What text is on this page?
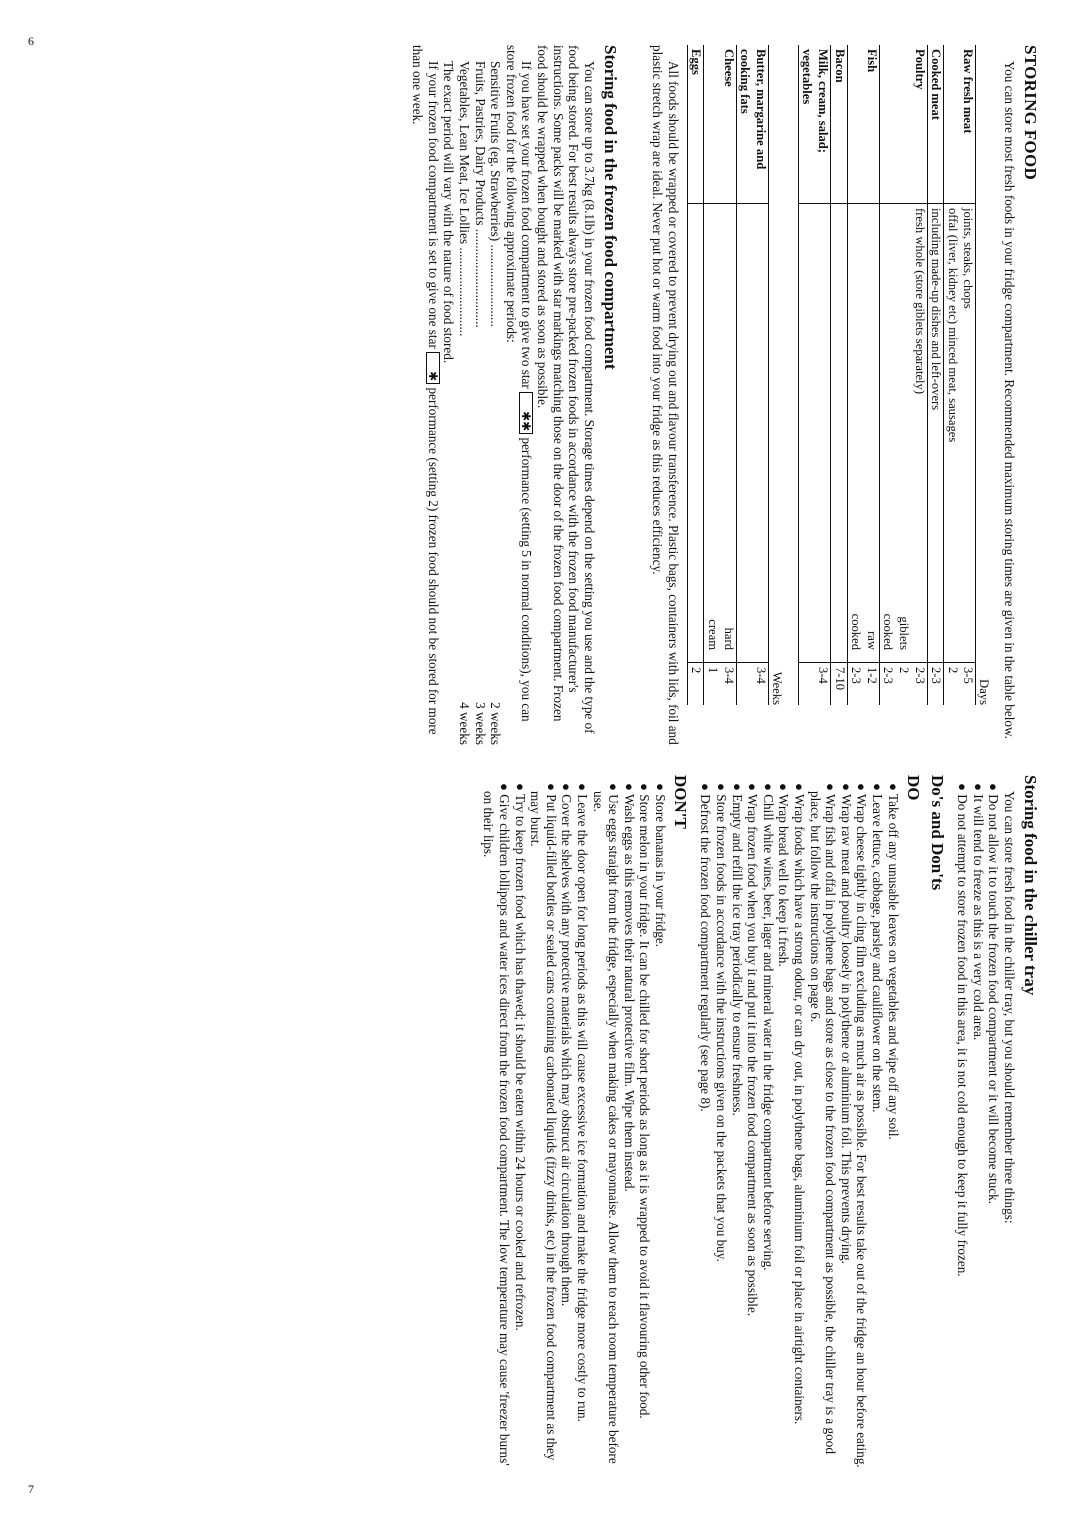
6
7
STORING FOOD

You can store most fresh foods in your fridge compartment. Recommended maximum storing times are given in the table below.

Days
Raw fresh meat	joints, steaks, chops	3-5
	offal (liver, kidney etc) minced meat, sausages	2
Cooked meat	including made-up dishes and left-overs	2-3
Poultry	fresh whole (store giblets separately)	2-3
	giblets	2
	cooked	2-3
Fish	raw	1-2
	cooked	2-3
Bacon		7-10
Milk, cream, salad; vegetables		3-4
Weeks
Butter, margarine and cooking fats		3-4
Cheese	hard	3-4
	cream	1
Eggs		2

All foods should be wrapped or covered to prevent drying out and flavour transference. Plastic bags, containers with lids, foil and plastic stretch wrap are ideal. Never put hot or warm food into your fridge as this reduces efficiency.

Storing food in the frozen food compartment

You can store up to 3.7kg (8.1lb) in your frozen food compartment. Storage times depend on the setting you use and the type of food being stored. For best results always store pre-packed frozen foods in accordance with the frozen food manufacturer's instructions. Some packs will be marked with star markings matching those on the door of the frozen food compartment. Frozen food should be wrapped when bought and stored as soon as possible.

If you have set your frozen food compartment to give two star ✱✱ performance (setting 5 in normal conditions), you can store frozen food for the following approximate periods:

Sensitive Fruits (eg. Strawberries) .........................
2 weeks
Fruits, Pastries, Dairy Products ..............................
3 weeks
Vegetables, Lean Meat, Ice Lollies ...........................
4 weeks

The exact period will vary with the nature of food stored.

If your frozen food compartment is set to give one star ✱ performance (setting 2) frozen food should not be stored for more than one week.

Storing food in the chiller tray

You can store fresh food in the chiller tray, but you should remember three things:

● Do not allow it to touch the frozen food compartment or it will become stuck.
● It will tend to freeze as this is a very cold area.
● Do not attempt to store frozen food in this area, it is not cold enough to keep it fully frozen.
Do's and Don'ts
DO
● Take off any unusable leaves on vegetables and wipe off any soil.
● Leave lettuce, cabbage, parsley and cauliflower on the stem.
● Wrap cheese tightly in cling film excluding as much air as possible. For best results take out of the fridge an hour before eating.
● Wrap raw meat and poultry loosely in polythene or aluminium foil. This prevents drying.
● Wrap fish and offal in polythene bags and store as close to the frozen food compartment as possible, the chiller tray is a good place, but follow the instructions on page 6.
● Wrap foods which have a strong odour, or can dry out, in polythene bags, aluminium foil or place in airtight containers.
● Wrap bread well to keep it fresh.
● Chill white wines, beer, lager and mineral water in the fridge compartment before serving.
● Wrap frozen food when you buy it and put it into the frozen food compartment as soon as possible.
● Empty and refill the ice tray periodically to ensure freshness.
● Store frozen foods in accordance with the instructions given on the packets that you buy.
● Defrost the frozen food compartment regularly (see page 8).
DON'T
● Store bananas in your fridge.
● Store melon in your fridge. It can be chilled for short periods as long as it is wrapped to avoid it flavouring other food.
● Wash eggs as this removes their natural protective film. Wipe them instead.
● Use eggs straight from the fridge, especially when making cakes or mayonnaise. Allow them to reach room temperature before use.
● Leave the door open for long periods as this will cause excessive ice formation and make the fridge more costly to run.
● Cover the shelves with any protective materials which may obstruct air circulation through them.
● Put liquid-filled bottles or sealed cans containing carbonated liquids (fizzy drinks, etc) in the frozen food compartment as they may burst.
● Try to keep frozen food which has thawed; it should be eaten within 24 hours or cooked and refrozen.
● Give children lollipops and water ices direct from the frozen food compartment. The low temperature may cause 'freezer burns' on their lips.
